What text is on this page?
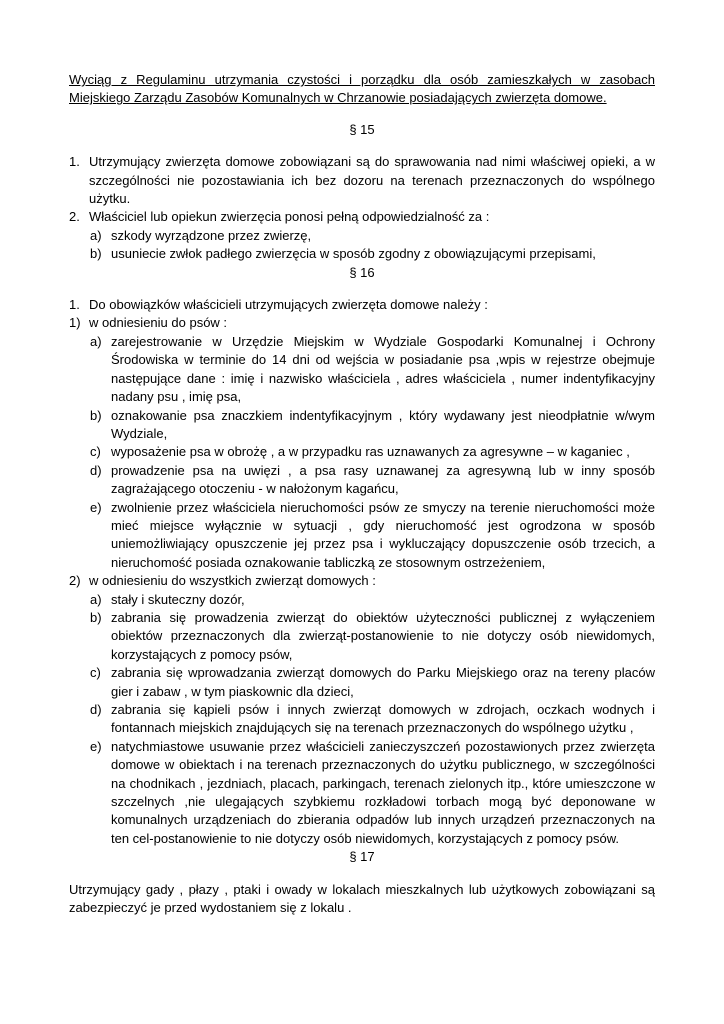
Wyciąg z Regulaminu utrzymania czystości i porządku dla osób zamieszkałych w zasobach
Miejskiego Zarządu Zasobów Komunalnych w Chrzanowie posiadających zwierzęta domowe.

§ 15

1. Utrzymujący zwierzęta domowe zobowiązani są do sprawowania nad nimi właściwej opieki, a w szczególności nie pozostawiania ich bez dozoru na terenach przeznaczonych do wspólnego użytku.
2. Właściciel lub opiekun zwierzęcia ponosi pełną odpowiedzialność za :
a) szkody wyrządzone przez zwierzę,
b) usuniecie zwłok padłego zwierzęcia w sposób zgodny z obowiązującymi przepisami,

§ 16

1. Do obowiązków właścicieli utrzymujących zwierzęta domowe należy :
1) w odniesieniu do psów :
a) zarejestrowanie w Urzędzie Miejskim w Wydziale Gospodarki Komunalnej i Ochrony Środowiska w terminie do 14 dni od wejścia w posiadanie psa ,wpis w rejestrze obejmuje następujące dane : imię i nazwisko właściciela , adres właściciela , numer indentyfikacyjny nadany psu , imię psa,
b) oznakowanie psa znaczkiem indentyfikacyjnym , który wydawany jest nieodpłatnie w/wym Wydziale,
c) wyposażenie psa w obrożę , a w przypadku ras uznawanych za agresywne – w kaganiec ,
d) prowadzenie psa na uwięzi , a psa rasy uznawanej za agresywną lub w inny sposób zagrażającego otoczeniu - w nałożonym kagańcu,
e) zwolnienie przez właściciela nieruchomości psów ze smyczy na terenie nieruchomości może mieć miejsce wyłącznie w sytuacji , gdy nieruchomość jest ogrodzona w sposób uniemożliwiający opuszczenie jej przez psa i wykluczający dopuszczenie osób trzecich, a nieruchomość posiada oznakowanie tabliczką ze stosownym ostrzeżeniem,
2) w odniesieniu do wszystkich zwierząt domowych :
a) stały i skuteczny dozór,
b) zabrania się prowadzenia zwierząt do obiektów użyteczności publicznej z wyłączeniem obiektów przeznaczonych dla zwierząt-postanowienie to nie dotyczy osób niewidomych, korzystających z pomocy psów,
c) zabrania się wprowadzania zwierząt domowych do Parku Miejskiego oraz na tereny placów gier i zabaw , w tym piaskownic dla dzieci,
d) zabrania się kąpieli psów i innych zwierząt domowych w zdrojach, oczkach wodnych i fontannach miejskich znajdujących się na terenach przeznaczonych do wspólnego użytku ,
e) natychmiastowe usuwanie przez właścicieli zanieczyszczeń pozostawionych przez zwierzęta domowe w obiektach i na terenach przeznaczonych do użytku publicznego, w szczególności na chodnikach , jezdniach, placach, parkingach, terenach zielonych itp., które umieszczone w szczelnych ,nie ulegających szybkiemu rozkładowi torbach mogą być deponowane w komunalnych urządzeniach do zbierania odpadów lub innych urządzeń przeznaczonych na ten cel-postanowienie to nie dotyczy osób niewidomych, korzystających z pomocy psów.

§ 17

Utrzymujący gady , płazy , ptaki i owady w lokalach mieszkalnych lub użytkowych zobowiązani są zabezpieczyć je przed wydostaniem się z lokalu .
